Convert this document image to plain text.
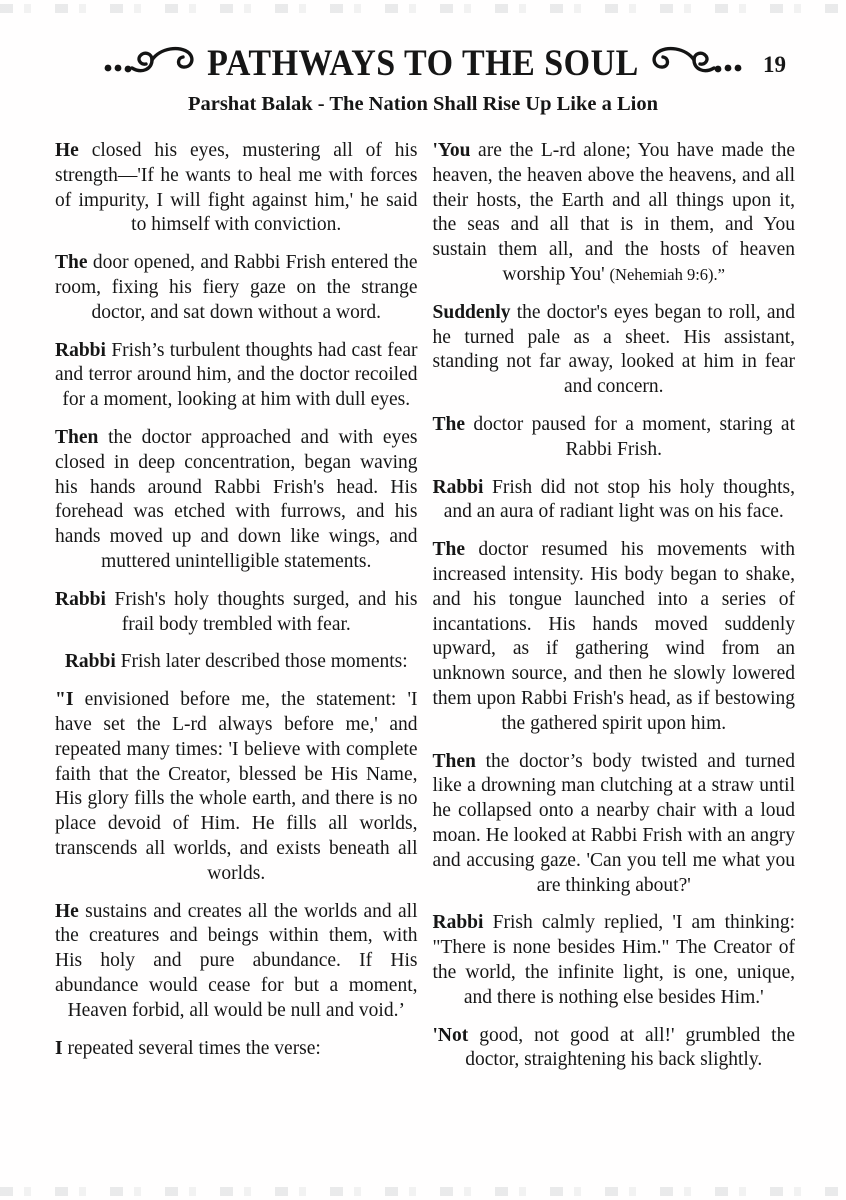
PATHWAYS TO THE SOUL	19
Parshat Balak - The Nation Shall Rise Up Like a Lion

He closed his eyes, mustering all of his strength—'If he wants to heal me with forces of impurity, I will fight against him,' he said to himself with conviction.

The door opened, and Rabbi Frish entered the room, fixing his fiery gaze on the strange doctor, and sat down without a word.

Rabbi Frish’s turbulent thoughts had cast fear and terror around him, and the doctor recoiled for a moment, looking at him with dull eyes.

Then the doctor approached and with eyes closed in deep concentration, began waving his hands around Rabbi Frish's head. His forehead was etched with furrows, and his hands moved up and down like wings, and muttered unintelligible statements.

Rabbi Frish's holy thoughts surged, and his frail body trembled with fear.

Rabbi Frish later described those moments:

"I envisioned before me, the statement: 'I have set the L-rd always before me,' and repeated many times: 'I believe with complete faith that the Creator, blessed be His Name, His glory fills the whole earth, and there is no place devoid of Him. He fills all worlds, transcends all worlds, and exists beneath all worlds.

He sustains and creates all the worlds and all the creatures and beings within them, with His holy and pure abundance. If His abundance would cease for but a moment, Heaven forbid, all would be null and void.’

I repeated several times the verse:

'You are the L-rd alone; You have made the heaven, the heaven above the heavens, and all their hosts, the Earth and all things upon it, the seas and all that is in them, and You sustain them all, and the hosts of heaven worship You' (Nehemiah 9:6).”

Suddenly the doctor's eyes began to roll, and he turned pale as a sheet. His assistant, standing not far away, looked at him in fear and concern.

The doctor paused for a moment, staring at Rabbi Frish.

Rabbi Frish did not stop his holy thoughts, and an aura of radiant light was on his face.

The doctor resumed his movements with increased intensity. His body began to shake, and his tongue launched into a series of incantations. His hands moved suddenly upward, as if gathering wind from an unknown source, and then he slowly lowered them upon Rabbi Frish's head, as if bestowing the gathered spirit upon him.

Then the doctor’s body twisted and turned like a drowning man clutching at a straw until he collapsed onto a nearby chair with a loud moan. He looked at Rabbi Frish with an angry and accusing gaze. 'Can you tell me what you are thinking about?'

Rabbi Frish calmly replied, 'I am thinking: "There is none besides Him." The Creator of the world, the infinite light, is one, unique, and there is nothing else besides Him.'

'Not good, not good at all!' grumbled the doctor, straightening his back slightly.
